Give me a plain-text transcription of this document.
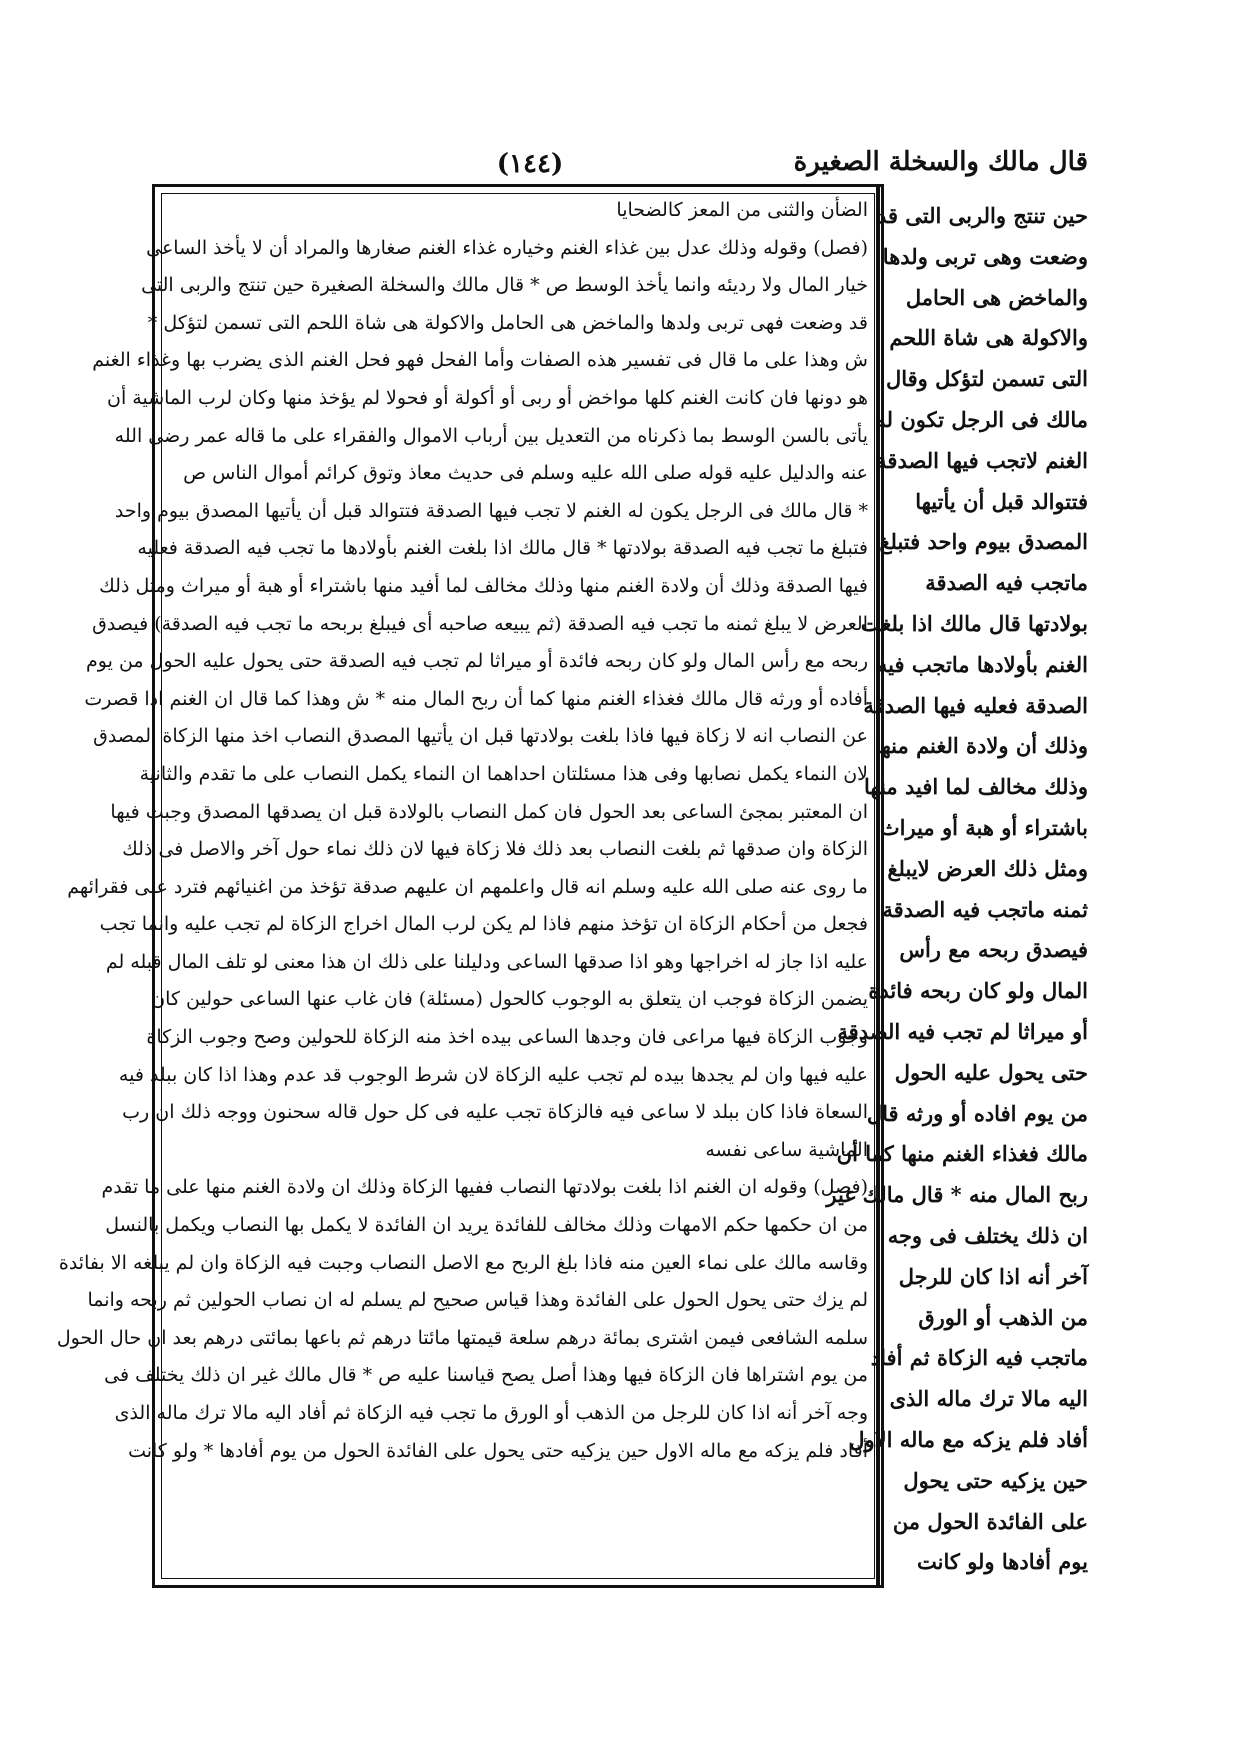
(١٤٤)	قال مالك والسخلة الصغيرة
الضأن والثنى من المعز كالضحايا
(فصل) وقوله وذلك عدل بين غذاء الغنم وخياره غذاء الغنم صغارها والمراد أن لا يأخذ الساعى
خيار المال ولا رديئه وانما يأخذ الوسط ص * قال مالك والسخلة الصغيرة حين تنتج والربى التى
قد وضعت فهى تربى ولدها والماخض هى الحامل والاكولة هى شاة اللحم التى تسمن لتؤكل *
ش وهذا على ما قال فى تفسير هذه الصفات وأما الفحل فهو فحل الغنم الذى يضرب بها وغذاء الغنم
هو دونها فان كانت الغنم كلها مواخض أو ربى أو أكولة أو فحولا لم يؤخذ منها وكان لرب الماشية أن
يأتى بالسن الوسط بما ذكرناه من التعديل بين أرباب الاموال والفقراء على ما قاله عمر رضى الله
عنه والدليل عليه قوله صلى الله عليه وسلم فى حديث معاذ وتوق كرائم أموال الناس ص
* قال مالك فى الرجل يكون له الغنم لا تجب فيها الصدقة فتتوالد قبل أن يأتيها المصدق بيوم واحد
فتبلغ ما تجب فيه الصدقة بولادتها * قال مالك اذا بلغت الغنم بأولادها ما تجب فيه الصدقة فعليه
فيها الصدقة وذلك أن ولادة الغنم منها وذلك مخالف لما أفيد منها باشتراء أو هبة أو ميراث ومثل ذلك
العرض لا يبلغ ثمنه ما تجب فيه الصدقة (ثم يبيعه صاحبه أى فيبلغ بربحه ما تجب فيه الصدقة) فيصدق
ربحه مع رأس المال ولو كان ربحه فائدة أو ميراثا لم تجب فيه الصدقة حتى يحول عليه الحول من يوم
أفاده أو ورثه قال مالك فغذاء الغنم منها كما أن ربح المال منه * ش وهذا كما قال ان الغنم اذا قصرت
عن النصاب انه لا زكاة فيها فاذا بلغت بولادتها قبل ان يأتيها المصدق النصاب اخذ منها الزكاة المصدق
لان النماء يكمل نصابها وفى هذا مسئلتان احداهما ان النماء يكمل النصاب على ما تقدم والثانية
ان المعتبر بمجئ الساعى بعد الحول فان كمل النصاب بالولادة قبل ان يصدقها المصدق وجبت فيها
الزكاة وان صدقها ثم بلغت النصاب بعد ذلك فلا زكاة فيها لان ذلك نماء حول آخر والاصل فى ذلك
ما روى عنه صلى الله عليه وسلم انه قال واعلمهم ان عليهم صدقة تؤخذ من اغنيائهم فترد على فقرائهم
فجعل من أحكام الزكاة ان تؤخذ منهم فاذا لم يكن لرب المال اخراج الزكاة لم تجب عليه وانما تجب
عليه اذا جاز له اخراجها وهو اذا صدقها الساعى ودليلنا على ذلك ان هذا معنى لو تلف المال قبله لم
يضمن الزكاة فوجب ان يتعلق به الوجوب كالحول (مسئلة) فان غاب عنها الساعى حولين كان
وجوب الزكاة فيها مراعى فان وجدها الساعى بيده اخذ منه الزكاة للحولين وصح وجوب الزكاة
عليه فيها وان لم يجدها بيده لم تجب عليه الزكاة لان شرط الوجوب قد عدم وهذا اذا كان ببلد فيه
السعاة فاذا كان ببلد لا ساعى فيه فالزكاة تجب عليه فى كل حول قاله سحنون ووجه ذلك ان رب
الماشية ساعى نفسه
(فصل) وقوله ان الغنم اذا بلغت بولادتها النصاب ففيها الزكاة وذلك ان ولادة الغنم منها على ما تقدم
من ان حكمها حكم الامهات وذلك مخالف للفائدة يريد ان الفائدة لا يكمل بها النصاب ويكمل بالنسل
وقاسه مالك على نماء العين منه فاذا بلغ الربح مع الاصل النصاب وجبت فيه الزكاة وان لم يبلغه الا بفائدة
لم يزك حتى يحول الحول على الفائدة وهذا قياس صحيح لم يسلم له ان نصاب الحولين ثم ربحه وانما
سلمه الشافعى فيمن اشترى بمائة درهم سلعة قيمتها مائتا درهم ثم باعها بمائتى درهم بعد ان حال الحول
من يوم اشتراها فان الزكاة فيها وهذا أصل يصح قياسنا عليه ص * قال مالك غير ان ذلك يختلف فى
وجه آخر أنه اذا كان للرجل من الذهب أو الورق ما تجب فيه الزكاة ثم أفاد اليه مالا ترك ماله الذى
أفاد فلم يزكه مع ماله الاول حين يزكيه حتى يحول على الفائدة الحول من يوم أفادها * ولو كانت
حين تنتج والربى التى قد
وضعت وهى تربى ولدها
والماخض هى الحامل
والاكولة هى شاة اللحم
التى تسمن لتؤكل وقال
مالك فى الرجل تكون له
الغنم لاتجب فيها الصدقة
فتتوالد قبل أن يأتيها
المصدق بيوم واحد فتبلغ
ماتجب فيه الصدقة
بولادتها قال مالك اذا بلغت
الغنم بأولادها ماتجب فيه
الصدقة فعليه فيها الصدقة
وذلك أن ولادة الغنم منها
وذلك مخالف لما افيد منها
باشتراء أو هبة أو ميراث
ومثل ذلك العرض لايبلغ
ثمنه ماتجب فيه الصدقة
فيصدق ربحه مع رأس
المال ولو كان ربحه فائدة
أو ميراثا لم تجب فيه الصدقة
حتى يحول عليه الحول
من يوم افاده أو ورثه قال
مالك فغذاء الغنم منها كما أن
ربح المال منه * قال مالك غير
ان ذلك يختلف فى وجه
آخر أنه اذا كان للرجل
من الذهب أو الورق
ماتجب فيه الزكاة ثم أفاد
اليه مالا ترك ماله الذى
أفاد فلم يزكه مع ماله الاول
حين يزكيه حتى يحول
على الفائدة الحول من
يوم أفادها ولو كانت
